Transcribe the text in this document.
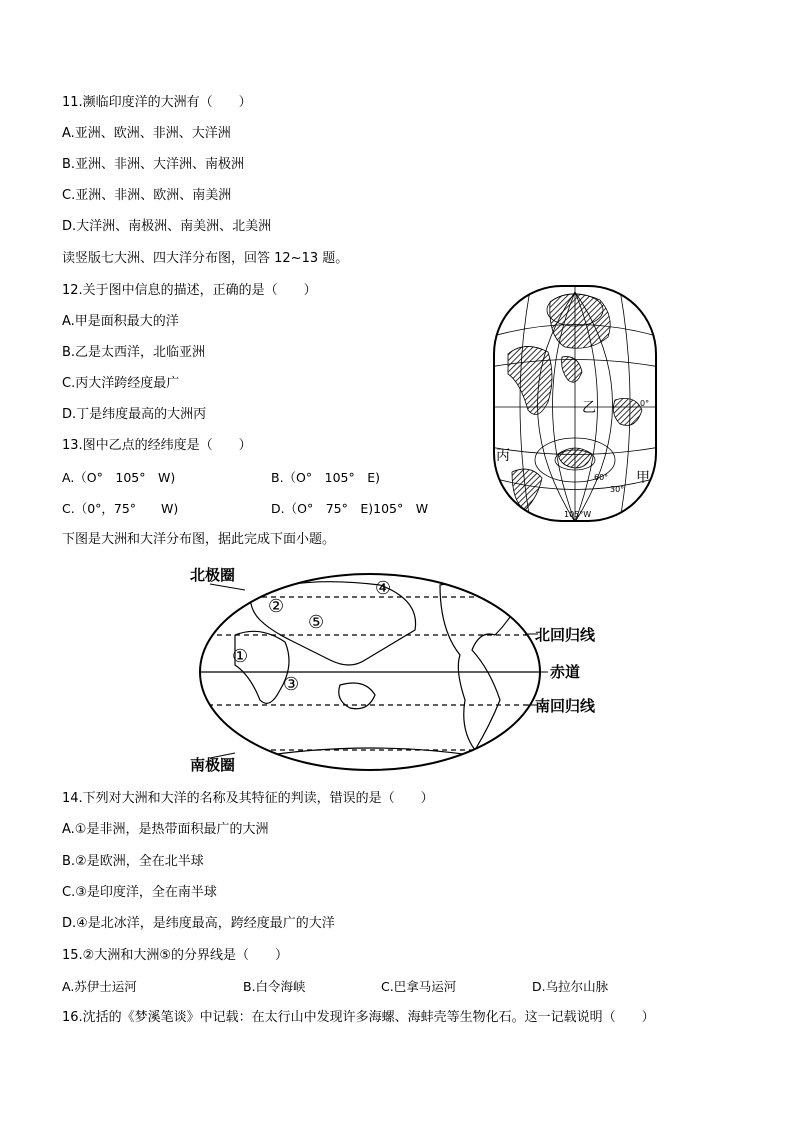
11.濒临印度洋的大洲有（　　）
A.亚洲、欧洲、非洲、大洋洲
B.亚洲、非洲、大洋洲、南极洲
C.亚洲、非洲、欧洲、南美洲
D.大洋洲、南极洲、南美洲、北美洲
读竖版七大洲、四大洋分布图，回答 12~13 题。
12.关于图中信息的描述，正确的是（　　）
A.甲是面积最大的洋
B.乙是太西洋，北临亚洲
C.丙大洋跨经度最广
D.丁是纬度最高的大洲丙
13.图中乙点的经纬度是（　　）
A.（O°　105°　W)	B.（O°　105°　E)
C.（0°，75°　　W)	D.（O°　75°　E)105°　W
乙
丙
甲
0°
60°
30°
105°W
下图是大洲和大洋分布图，据此完成下面小题。
北极圈
北回归线
赤道
南回归线
南极圈
①
②
③
④
⑤
14.下列对大洲和大洋的名称及其特征的判读，错误的是（　　）
A.①是非洲，是热带面积最广的大洲
B.②是欧洲，全在北半球
C.③是印度洋，全在南半球
D.④是北冰洋，是纬度最高，跨经度最广的大洋
15.②大洲和大洲⑤的分界线是（　　）
A.苏伊士运河	B.白令海峡	C.巴拿马运河	D.乌拉尔山脉
16.沈括的《梦溪笔谈》中记载：在太行山中发现许多海螺、海蚌壳等生物化石。这一记载说明（　　）
